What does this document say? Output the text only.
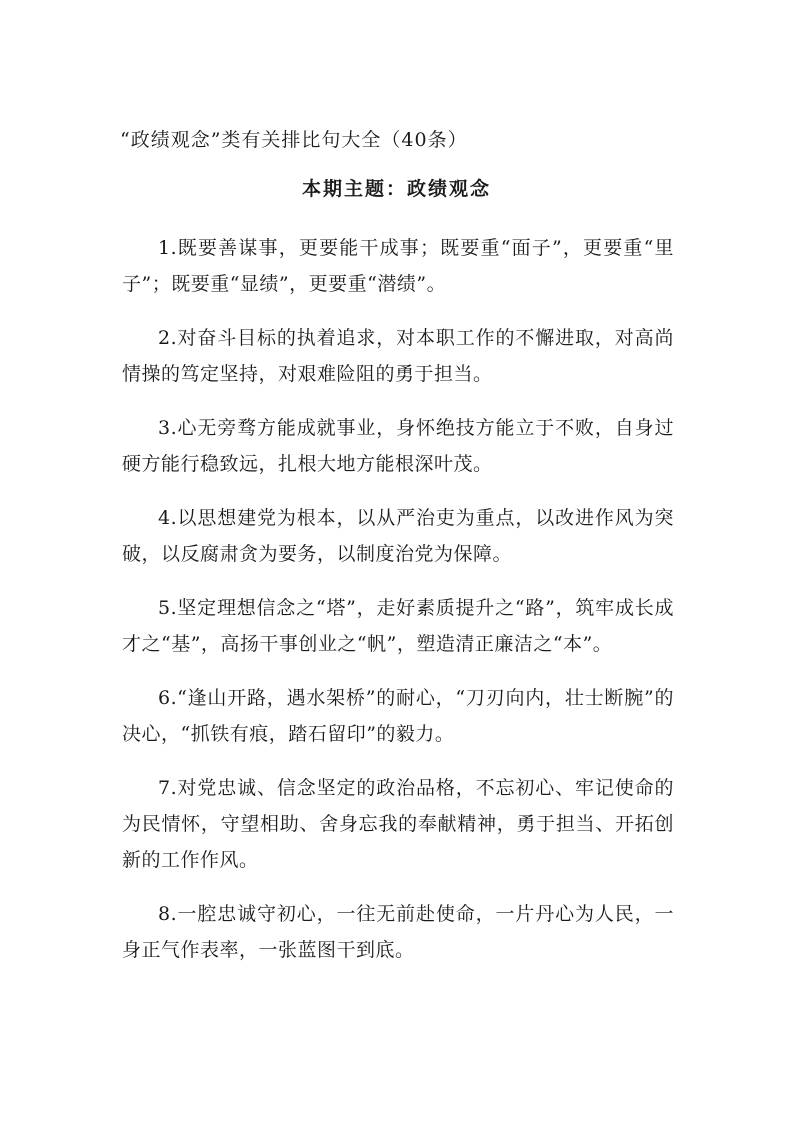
“政绩观念”类有关排比句大全（40条）
本期主题：政绩观念

1.既要善谋事，更要能干成事；既要重“面子”，更要重“里子”；既要重“显绩”，更要重“潜绩”。

2.对奋斗目标的执着追求，对本职工作的不懈进取，对高尚情操的笃定坚持，对艰难险阻的勇于担当。

3.心无旁骛方能成就事业，身怀绝技方能立于不败，自身过硬方能行稳致远，扎根大地方能根深叶茂。

4.以思想建党为根本，以从严治吏为重点，以改进作风为突破，以反腐肃贪为要务，以制度治党为保障。

5.坚定理想信念之“塔”，走好素质提升之“路”，筑牢成长成才之“基”，高扬干事创业之“帆”，塑造清正廉洁之“本”。

6.“逢山开路，遇水架桥”的耐心，“刀刃向内，壮士断腕”的决心，“抓铁有痕，踏石留印”的毅力。

7.对党忠诚、信念坚定的政治品格，不忘初心、牢记使命的为民情怀，守望相助、舍身忘我的奉献精神，勇于担当、开拓创新的工作作风。

8.一腔忠诚守初心，一往无前赴使命，一片丹心为人民，一身正气作表率，一张蓝图干到底。
